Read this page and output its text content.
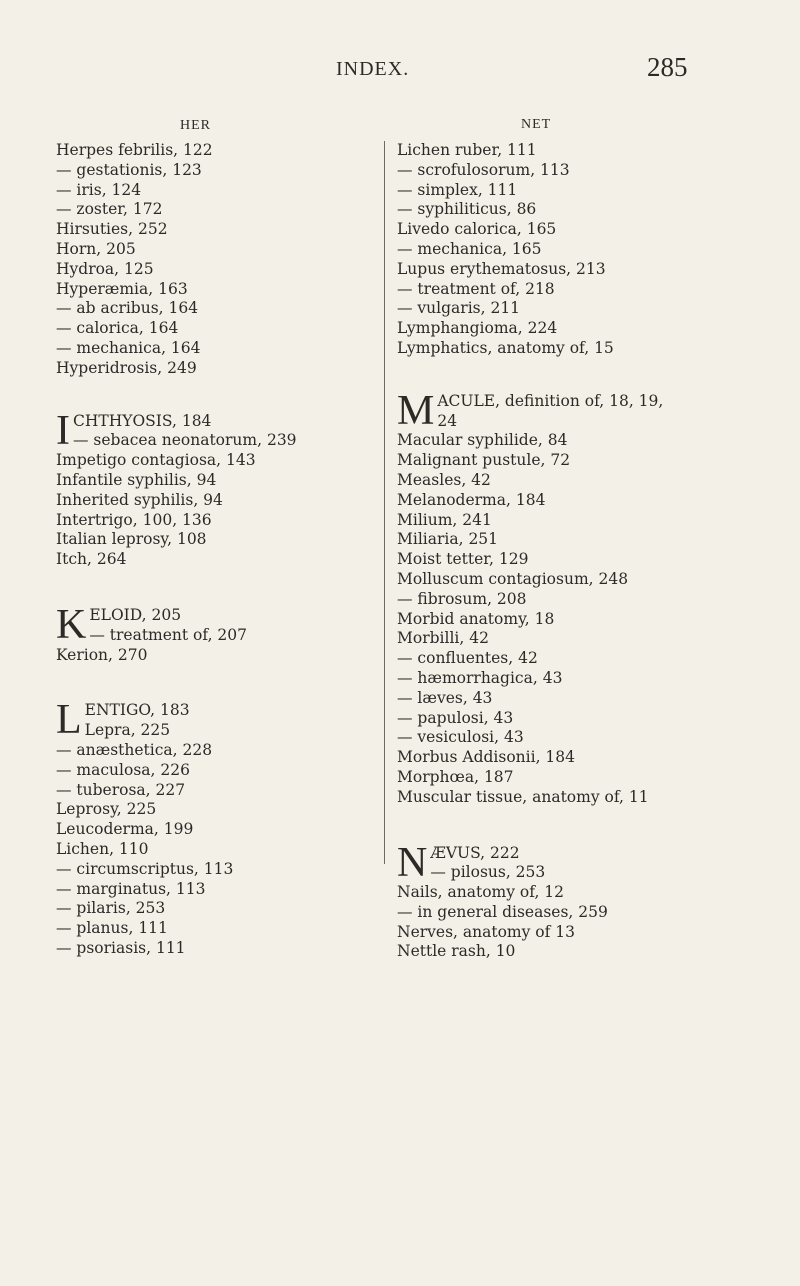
INDEX.	285
HER	NET
Herpes febrilis, 122
— gestationis, 123
— iris, 124
— zoster, 172
Hirsuties, 252
Horn, 205
Hydroa, 125
Hyperæmia, 163
— ab acribus, 164
— calorica, 164
— mechanica, 164
Hyperidrosis, 249
I CHTHYOSIS, 184
— sebacea neonatorum, 239
Impetigo contagiosa, 143
Infantile syphilis, 94
Inherited syphilis, 94
Intertrigo, 100, 136
Italian leprosy, 108
Itch, 264
K ELOID, 205
— treatment of, 207
Kerion, 270
L ENTIGO, 183
Lepra, 225
— anæsthetica, 228
— maculosa, 226
— tuberosa, 227
Leprosy, 225
Leucoderma, 199
Lichen, 110
— circumscriptus, 113
— marginatus, 113
— pilaris, 253
— planus, 111
— psoriasis, 111
Lichen ruber, 111
— scrofulosorum, 113
— simplex, 111
— syphiliticus, 86
Livedo calorica, 165
— mechanica, 165
Lupus erythematosus, 213
— treatment of, 218
— vulgaris, 211
Lymphangioma, 224
Lymphatics, anatomy of, 15
M ACULE, definition of, 18, 19,
24
Macular syphilide, 84
Malignant pustule, 72
Measles, 42
Melanoderma, 184
Milium, 241
Miliaria, 251
Moist tetter, 129
Molluscum contagiosum, 248
— fibrosum, 208
Morbid anatomy, 18
Morbilli, 42
— confluentes, 42
— hæmorrhagica, 43
— læves, 43
— papulosi, 43
— vesiculosi, 43
Morbus Addisonii, 184
Morphœa, 187
Muscular tissue, anatomy of, 11
N ÆVUS, 222
— pilosus, 253
Nails, anatomy of, 12
— in general diseases, 259
Nerves, anatomy of 13
Nettle rash, 10
